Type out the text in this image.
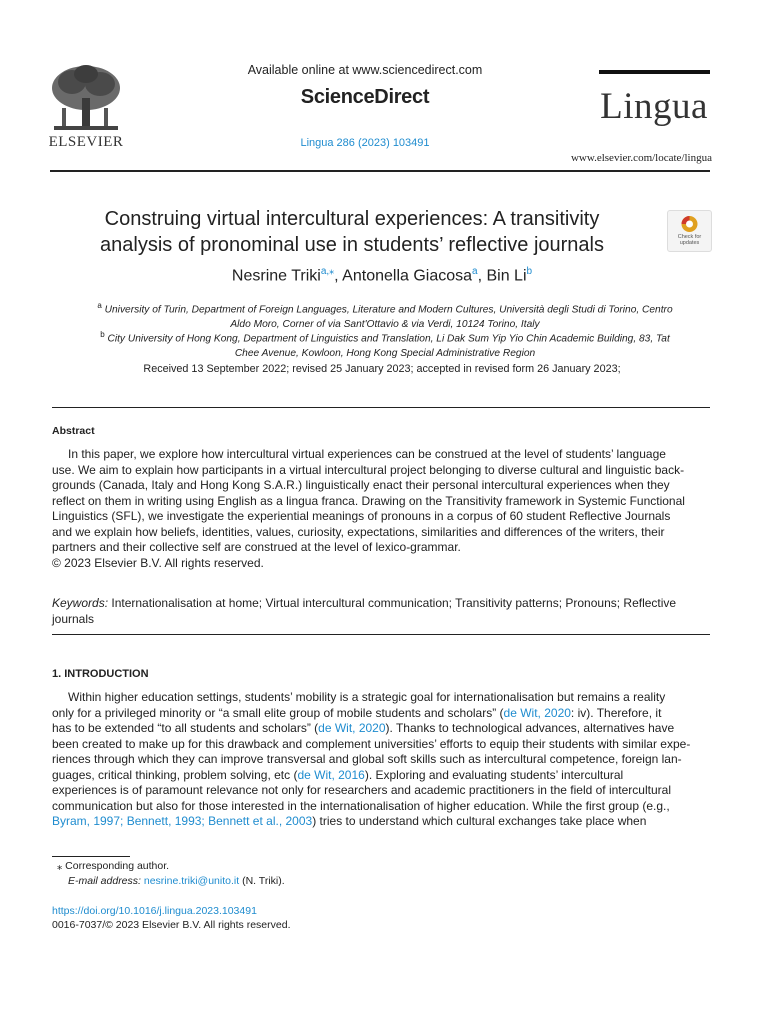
ELSEVIER
Available online at www.sciencedirect.com
ScienceDirect
Lingua 286 (2023) 103491
Lingua
www.elsevier.com/locate/lingua
Construing virtual intercultural experiences: A transitivity
analysis of pronominal use in students’ reflective journals	Check for updates
Nesrine Triki$^{a,⁎}$, Antonella Giacosa$^a$, Bin Li$^b$
$^a$ University of Turin, Department of Foreign Languages, Literature and Modern Cultures, Università degli Studi di Torino, Centro
Aldo Moro, Corner of via Sant'Ottavio & via Verdi, 10124 Torino, Italy
$^b$ City University of Hong Kong, Department of Linguistics and Translation, Li Dak Sum Yip Yio Chin Academic Building, 83, Tat
Chee Avenue, Kowloon, Hong Kong Special Administrative Region
Received 13 September 2022; revised 25 January 2023; accepted in revised form 26 January 2023;
Abstract
In this paper, we explore how intercultural virtual experiences can be construed at the level of students’ language
use. We aim to explain how participants in a virtual intercultural project belonging to diverse cultural and linguistic back-
grounds (Canada, Italy and Hong Kong S.A.R.) linguistically enact their personal intercultural experiences when they
reflect on them in writing using English as a lingua franca. Drawing on the Transitivity framework in Systemic Functional
Linguistics (SFL), we investigate the experiential meanings of pronouns in a corpus of 60 student Reflective Journals
and we explain how beliefs, identities, values, curiosity, expectations, similarities and differences of the writers, their
partners and their collective self are construed at the level of lexico-grammar.
© 2023 Elsevier B.V. All rights reserved.
Keywords: Internationalisation at home; Virtual intercultural communication; Transitivity patterns; Pronouns; Reflective
journals
1. INTRODUCTION
Within higher education settings, students’ mobility is a strategic goal for internationalisation but remains a reality
only for a privileged minority or “a small elite group of mobile students and scholars” (de Wit, 2020: iv). Therefore, it
has to be extended “to all students and scholars” (de Wit, 2020). Thanks to technological advances, alternatives have
been created to make up for this drawback and complement universities’ efforts to equip their students with similar expe-
riences through which they can improve transversal and global soft skills such as intercultural competence, foreign lan-
guages, critical thinking, problem solving, etc (de Wit, 2016). Exploring and evaluating students’ intercultural
experiences is of paramount relevance not only for researchers and academic practitioners in the field of intercultural
communication but also for those interested in the internationalisation of higher education. While the first group (e.g.,
Byram, 1997; Bennett, 1993; Bennett et al., 2003) tries to understand which cultural exchanges take place when
⁎ Corresponding author.
E-mail address: nesrine.triki@unito.it (N. Triki).
https://doi.org/10.1016/j.lingua.2023.103491
0016-7037/© 2023 Elsevier B.V. All rights reserved.
